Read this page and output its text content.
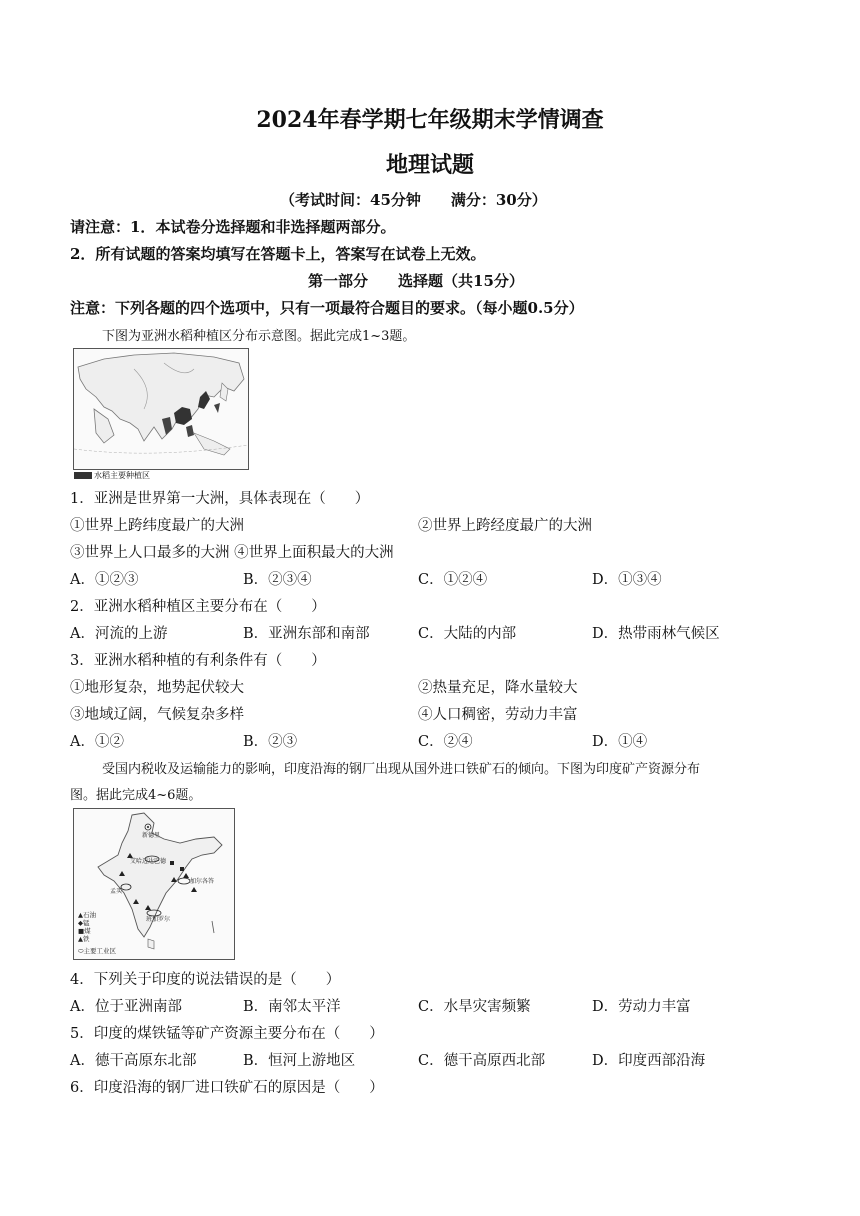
2024年春学期七年级期末学情调查
地理试题
（考试时间：45分钟　　满分：30分）
请注意：1．本试卷分选择题和非选择题两部分。
2．所有试题的答案均填写在答题卡上，答案写在试卷上无效。
第一部分　　选择题（共15分）
注意：下列各题的四个选项中，只有一项最符合题目的要求。（每小题0.5分）
下图为亚洲水稻种植区分布示意图。据此完成1~3题。
水稻主要种植区
1．亚洲是世界第一大洲，具体表现在（　　）
①世界上跨纬度最广的大洲	②世界上跨经度最广的大洲
③世界上人口最多的大洲 ④世界上面积最大的大洲
A．①②③	B．②③④	C．①②④	D．①③④
2．亚洲水稻种植区主要分布在（　　）
A．河流的上游	B．亚洲东部和南部	C．大陆的内部	D．热带雨林气候区
3．亚洲水稻种植的有利条件有（　　）
①地形复杂，地势起伏较大	②热量充足，降水量较大
③地域辽阔，气候复杂多样	④人口稠密，劳动力丰富
A．①②	B．②③	C．②④	D．①④
受国内税收及运输能力的影响，印度沿海的钢厂出现从国外进口铁矿石的倾向。下图为印度矿产资源分布
图。据此完成4~6题。
新德里
艾哈迈达巴德
加尔各答
孟买
班加罗尔
▲石油
◆锰
■煤
▲铁
⬭主要工业区
4．下列关于印度的说法错误的是（　　）
A．位于亚洲南部	B．南邻太平洋	C．水旱灾害频繁	D．劳动力丰富
5．印度的煤铁锰等矿产资源主要分布在（　　）
A．德干高原东北部	B．恒河上游地区	C．德干高原西北部	D．印度西部沿海
6．印度沿海的钢厂进口铁矿石的原因是（　　）
